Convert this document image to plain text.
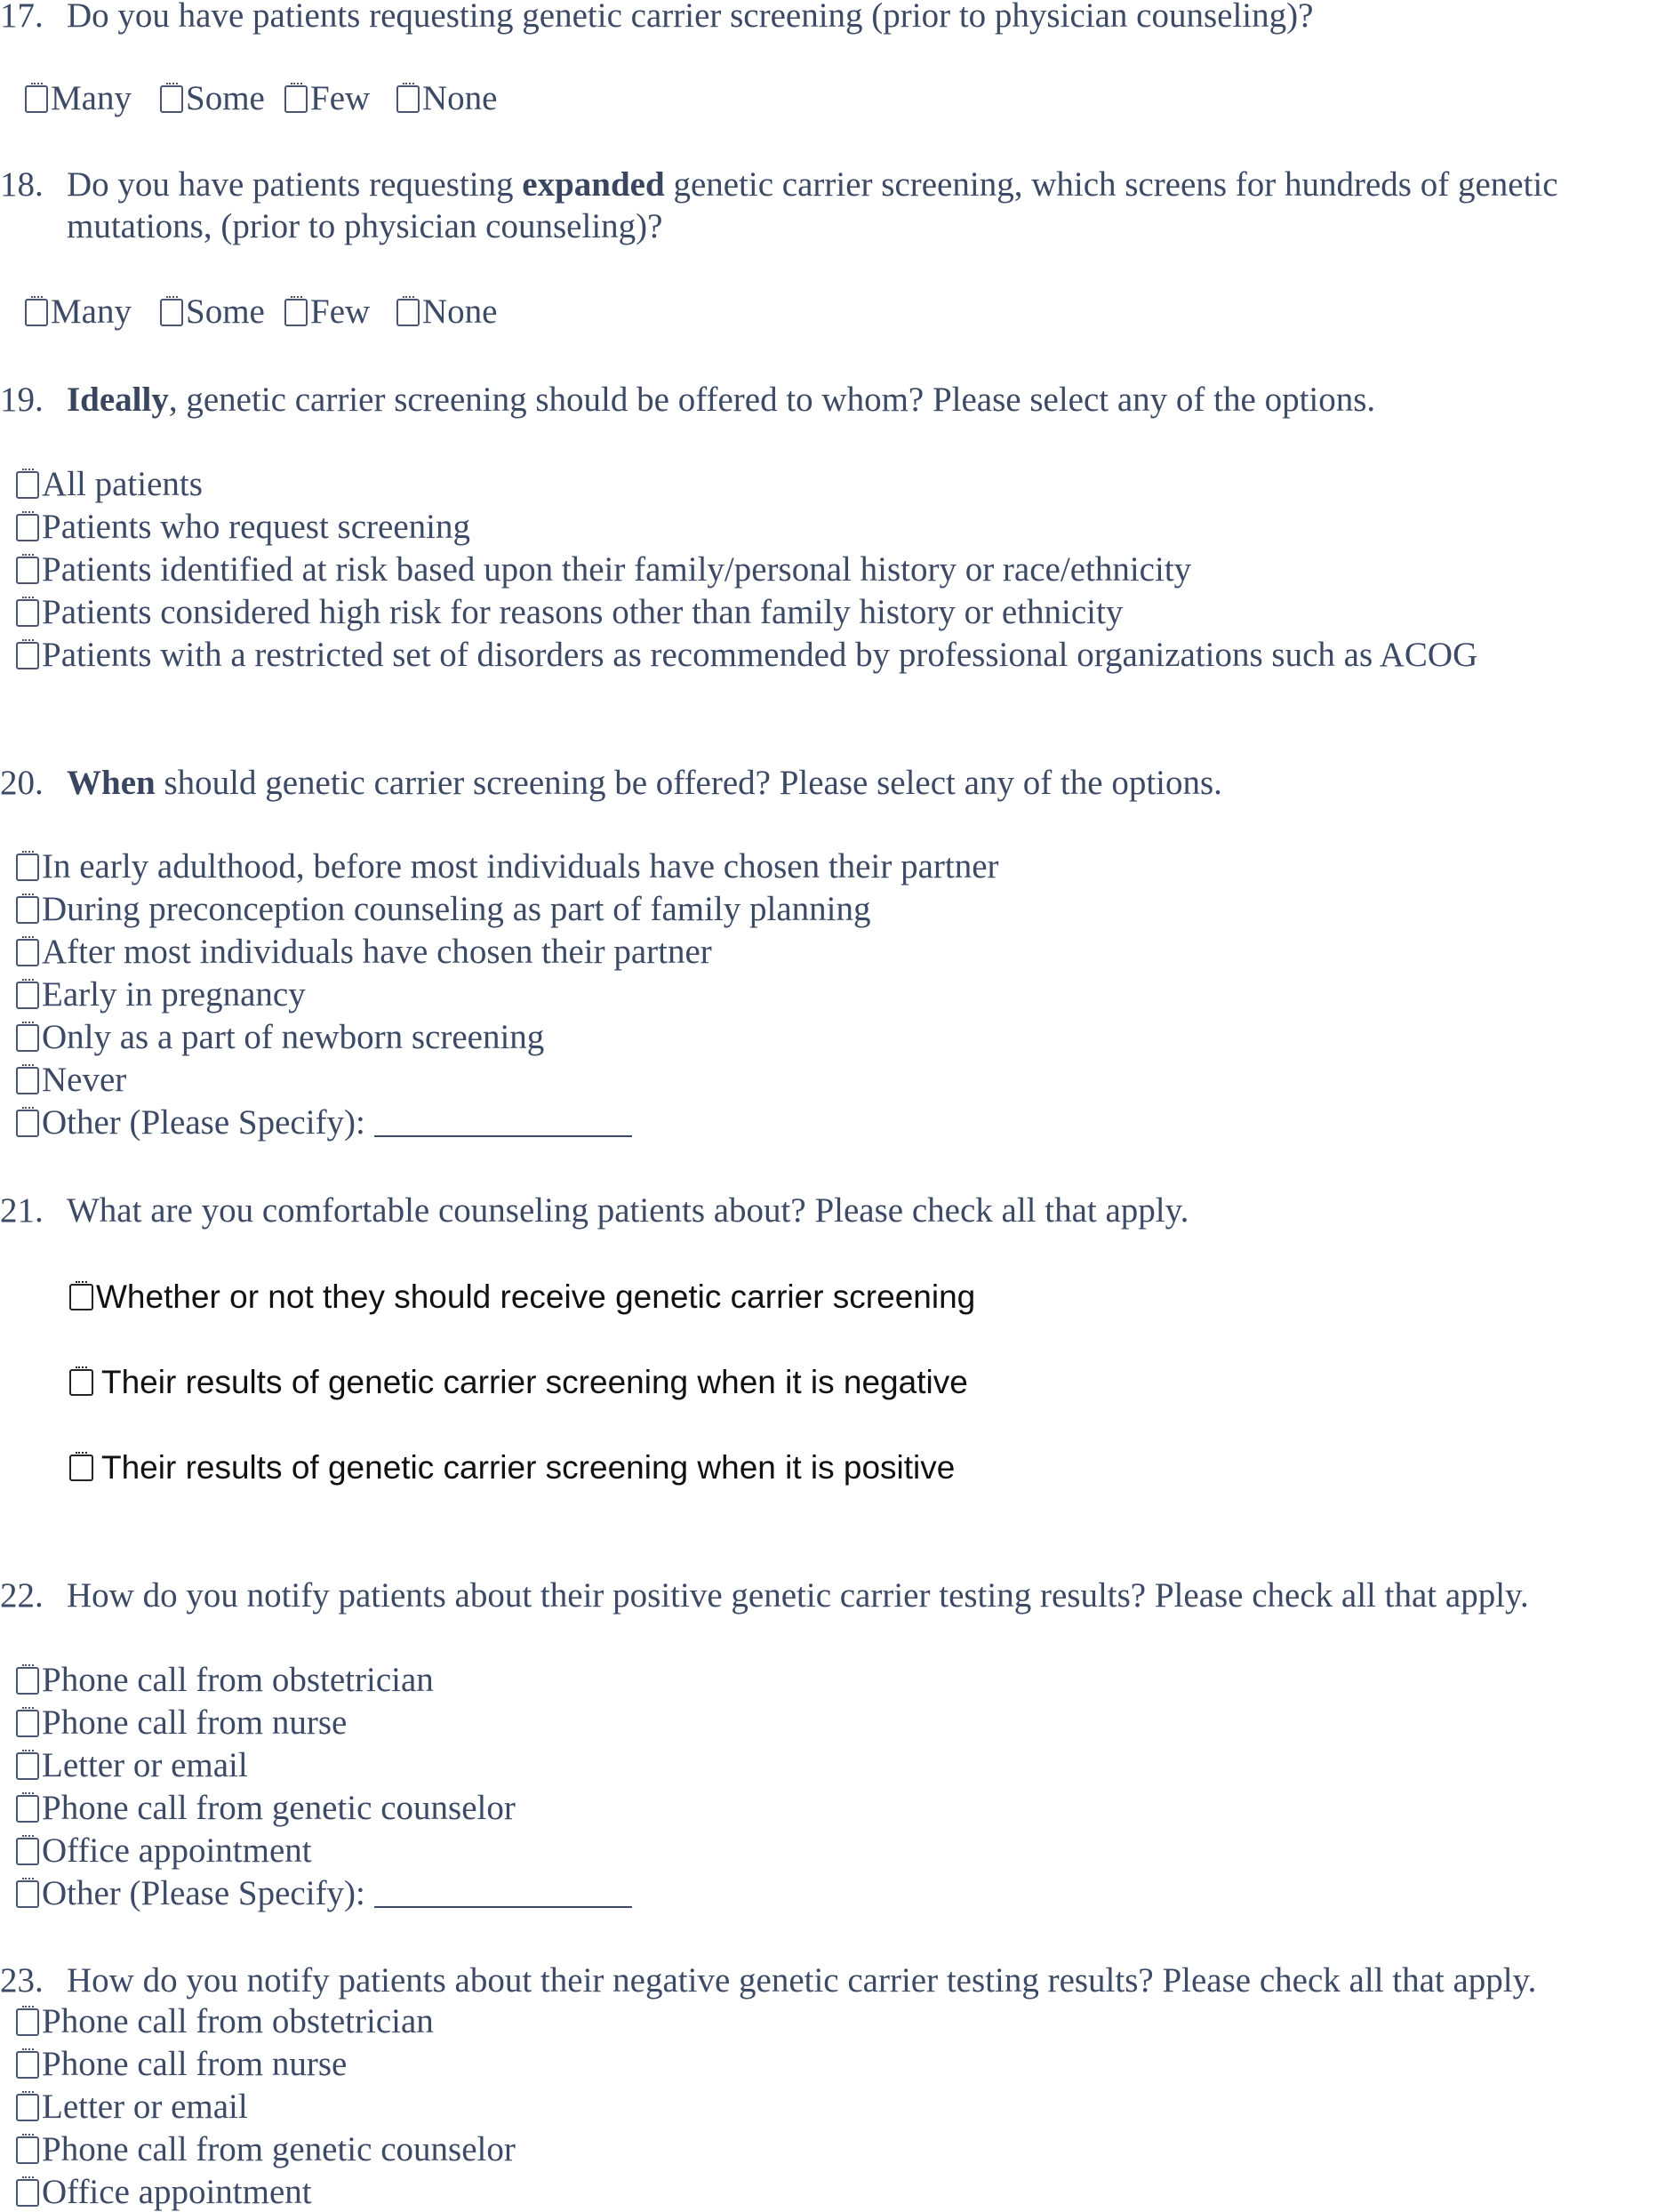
17. Do you have patients requesting genetic carrier screening (prior to physician counseling)?
Many Some Few None
18. Do you have patients requesting expanded genetic carrier screening, which screens for hundreds of genetic mutations, (prior to physician counseling)?
Many Some Few None
19. Ideally, genetic carrier screening should be offered to whom? Please select any of the options.
All patients
Patients who request screening
Patients identified at risk based upon their family/personal history or race/ethnicity
Patients considered high risk for reasons other than family history or ethnicity
Patients with a restricted set of disorders as recommended by professional organizations such as ACOG
20. When should genetic carrier screening be offered? Please select any of the options.
In early adulthood, before most individuals have chosen their partner
During preconception counseling as part of family planning
After most individuals have chosen their partner
Early in pregnancy
Only as a part of newborn screening
Never
Other (Please Specify):
21. What are you comfortable counseling patients about? Please check all that apply.
Whether or not they should receive genetic carrier screening
Their results of genetic carrier screening when it is negative
Their results of genetic carrier screening when it is positive
22. How do you notify patients about their positive genetic carrier testing results? Please check all that apply.
Phone call from obstetrician
Phone call from nurse
Letter or email
Phone call from genetic counselor
Office appointment
Other (Please Specify):
23. How do you notify patients about their negative genetic carrier testing results? Please check all that apply.
Phone call from obstetrician
Phone call from nurse
Letter or email
Phone call from genetic counselor
Office appointment
